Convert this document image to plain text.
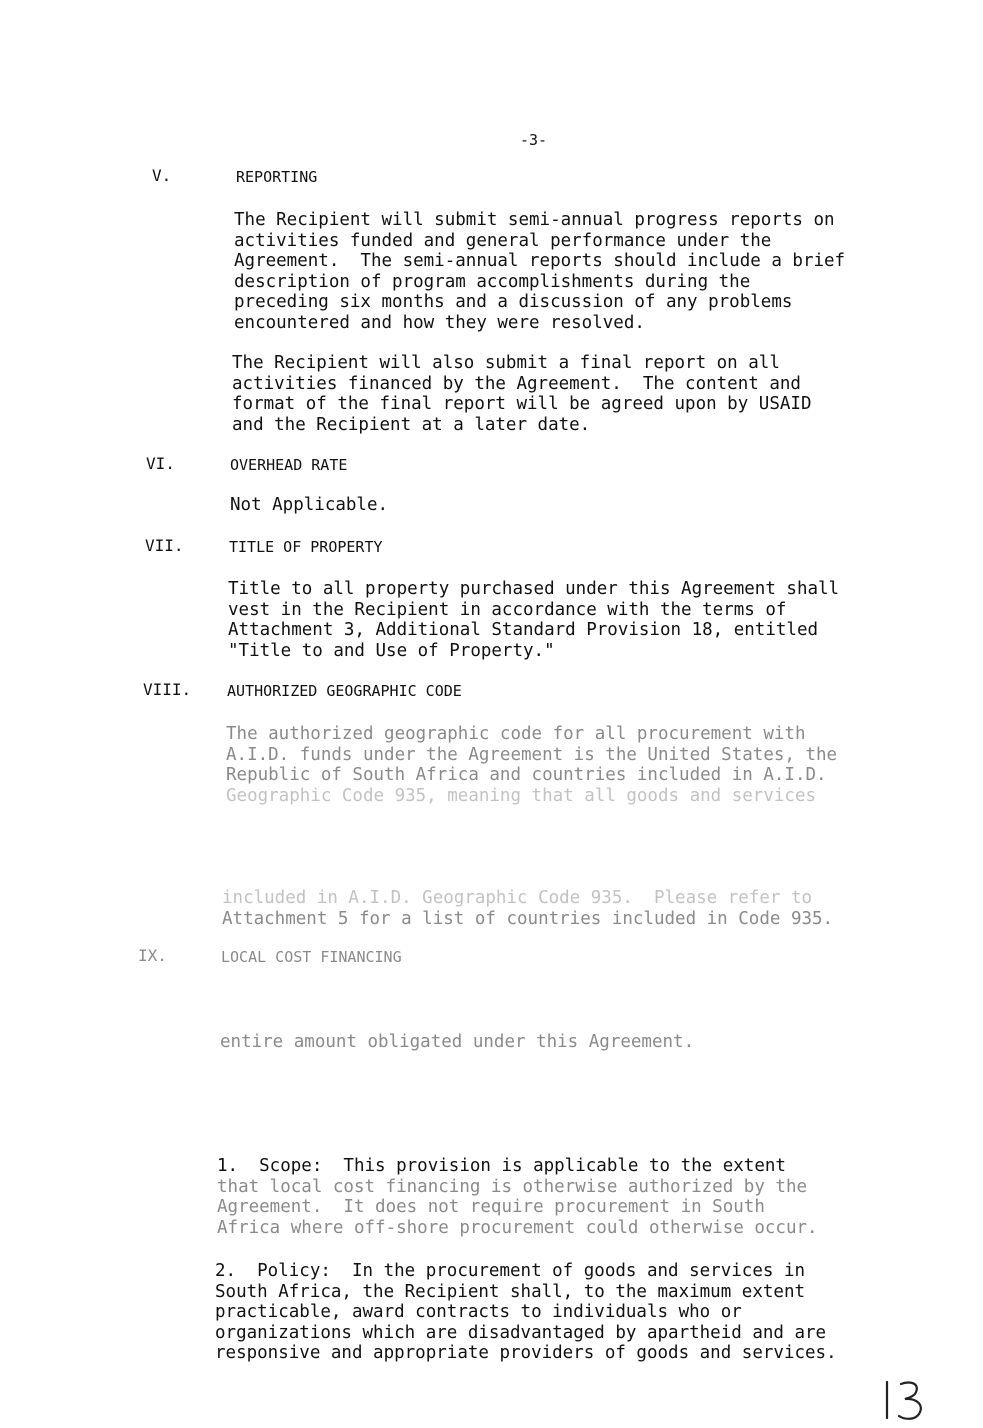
-3-
V.	REPORTING
The Recipient will submit semi-annual progress reports on
activities funded and general performance under the
Agreement.  The semi-annual reports should include a brief
description of program accomplishments during the
preceding six months and a discussion of any problems
encountered and how they were resolved.
The Recipient will also submit a final report on all
activities financed by the Agreement.  The content and
format of the final report will be agreed upon by USAID
and the Recipient at a later date.
VI.	OVERHEAD RATE
Not Applicable.
VII.	TITLE OF PROPERTY
Title to all property purchased under this Agreement shall
vest in the Recipient in accordance with the terms of
Attachment 3, Additional Standard Provision 18, entitled
"Title to and Use of Property."
VIII. AUTHORIZED GEOGRAPHIC CODE
The authorized geographic code for all procurement with
A.I.D. funds under the Agreement is the United States, the
Republic of South Africa and countries included in A.I.D.
Geographic Code 935, meaning that all goods and services
included in A.I.D. Geographic Code 935.  Please refer to
Attachment 5 for a list of countries included in Code 935.
IX.	LOCAL COST FINANCING
entire amount obligated under this Agreement.
1.  Scope:  This provision is applicable to the extent
that local cost financing is otherwise authorized by the
Agreement.  It does not require procurement in South
Africa where off-shore procurement could otherwise occur.
2.  Policy:  In the procurement of goods and services in
South Africa, the Recipient shall, to the maximum extent
practicable, award contracts to individuals who or
organizations which are disadvantaged by apartheid and are
responsive and appropriate providers of goods and services.
